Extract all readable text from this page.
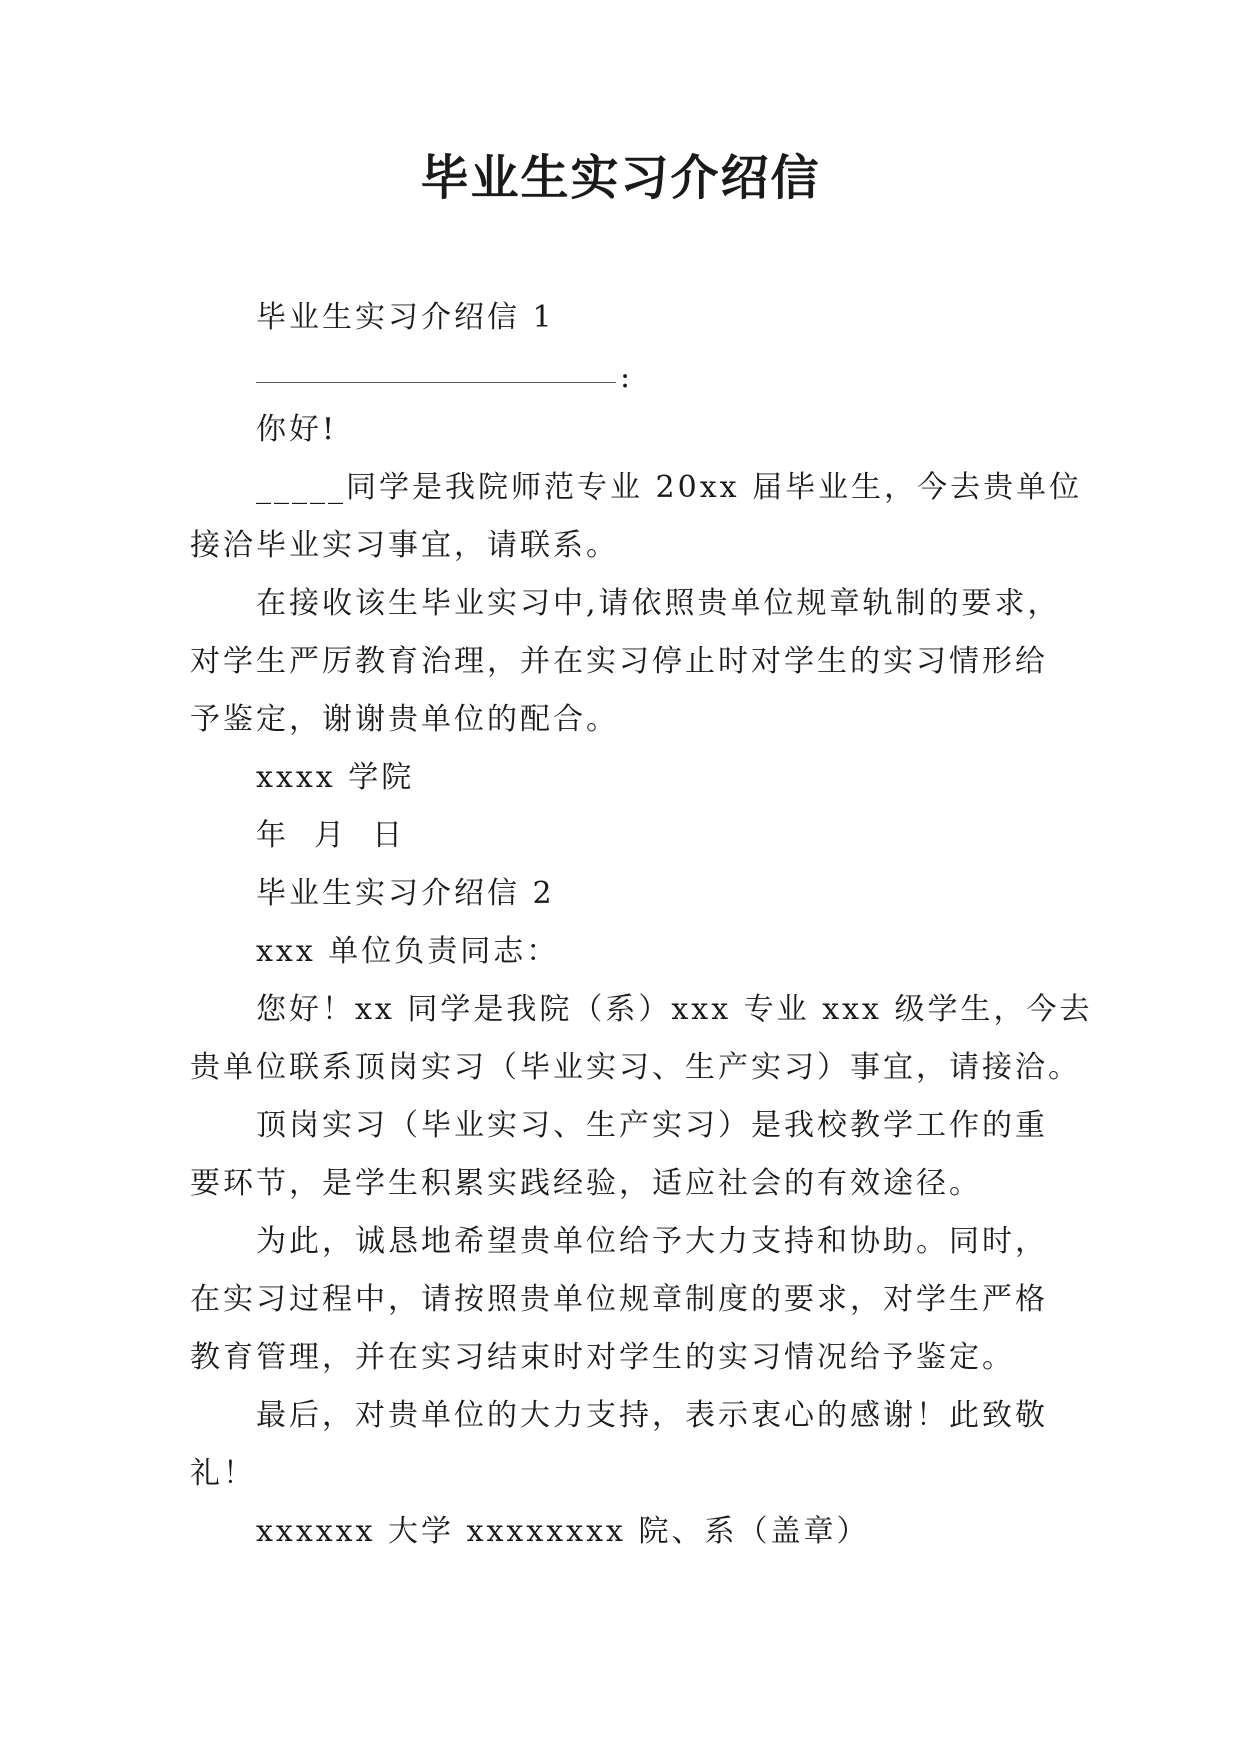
毕业生实习介绍信
毕业生实习介绍信 1
:
你好!
_____同学是我院师范专业 20xx 届毕业生，今去贵单位
接洽毕业实习事宜，请联系。
在接收该生毕业实习中,请依照贵单位规章轨制的要求，
对学生严厉教育治理，并在实习停止时对学生的实习情形给
予鉴定，谢谢贵单位的配合。
xxxx 学院
年  月  日
毕业生实习介绍信 2
xxx 单位负责同志：
您好！xx 同学是我院（系）xxx 专业 xxx 级学生，今去
贵单位联系顶岗实习（毕业实习、生产实习）事宜，请接洽。
顶岗实习（毕业实习、生产实习）是我校教学工作的重
要环节，是学生积累实践经验，适应社会的有效途径。
为此，诚恳地希望贵单位给予大力支持和协助。同时，
在实习过程中，请按照贵单位规章制度的要求，对学生严格
教育管理，并在实习结束时对学生的实习情况给予鉴定。
最后，对贵单位的大力支持，表示衷心的感谢！此致敬
礼！
xxxxxx 大学 xxxxxxxx 院、系（盖章）
